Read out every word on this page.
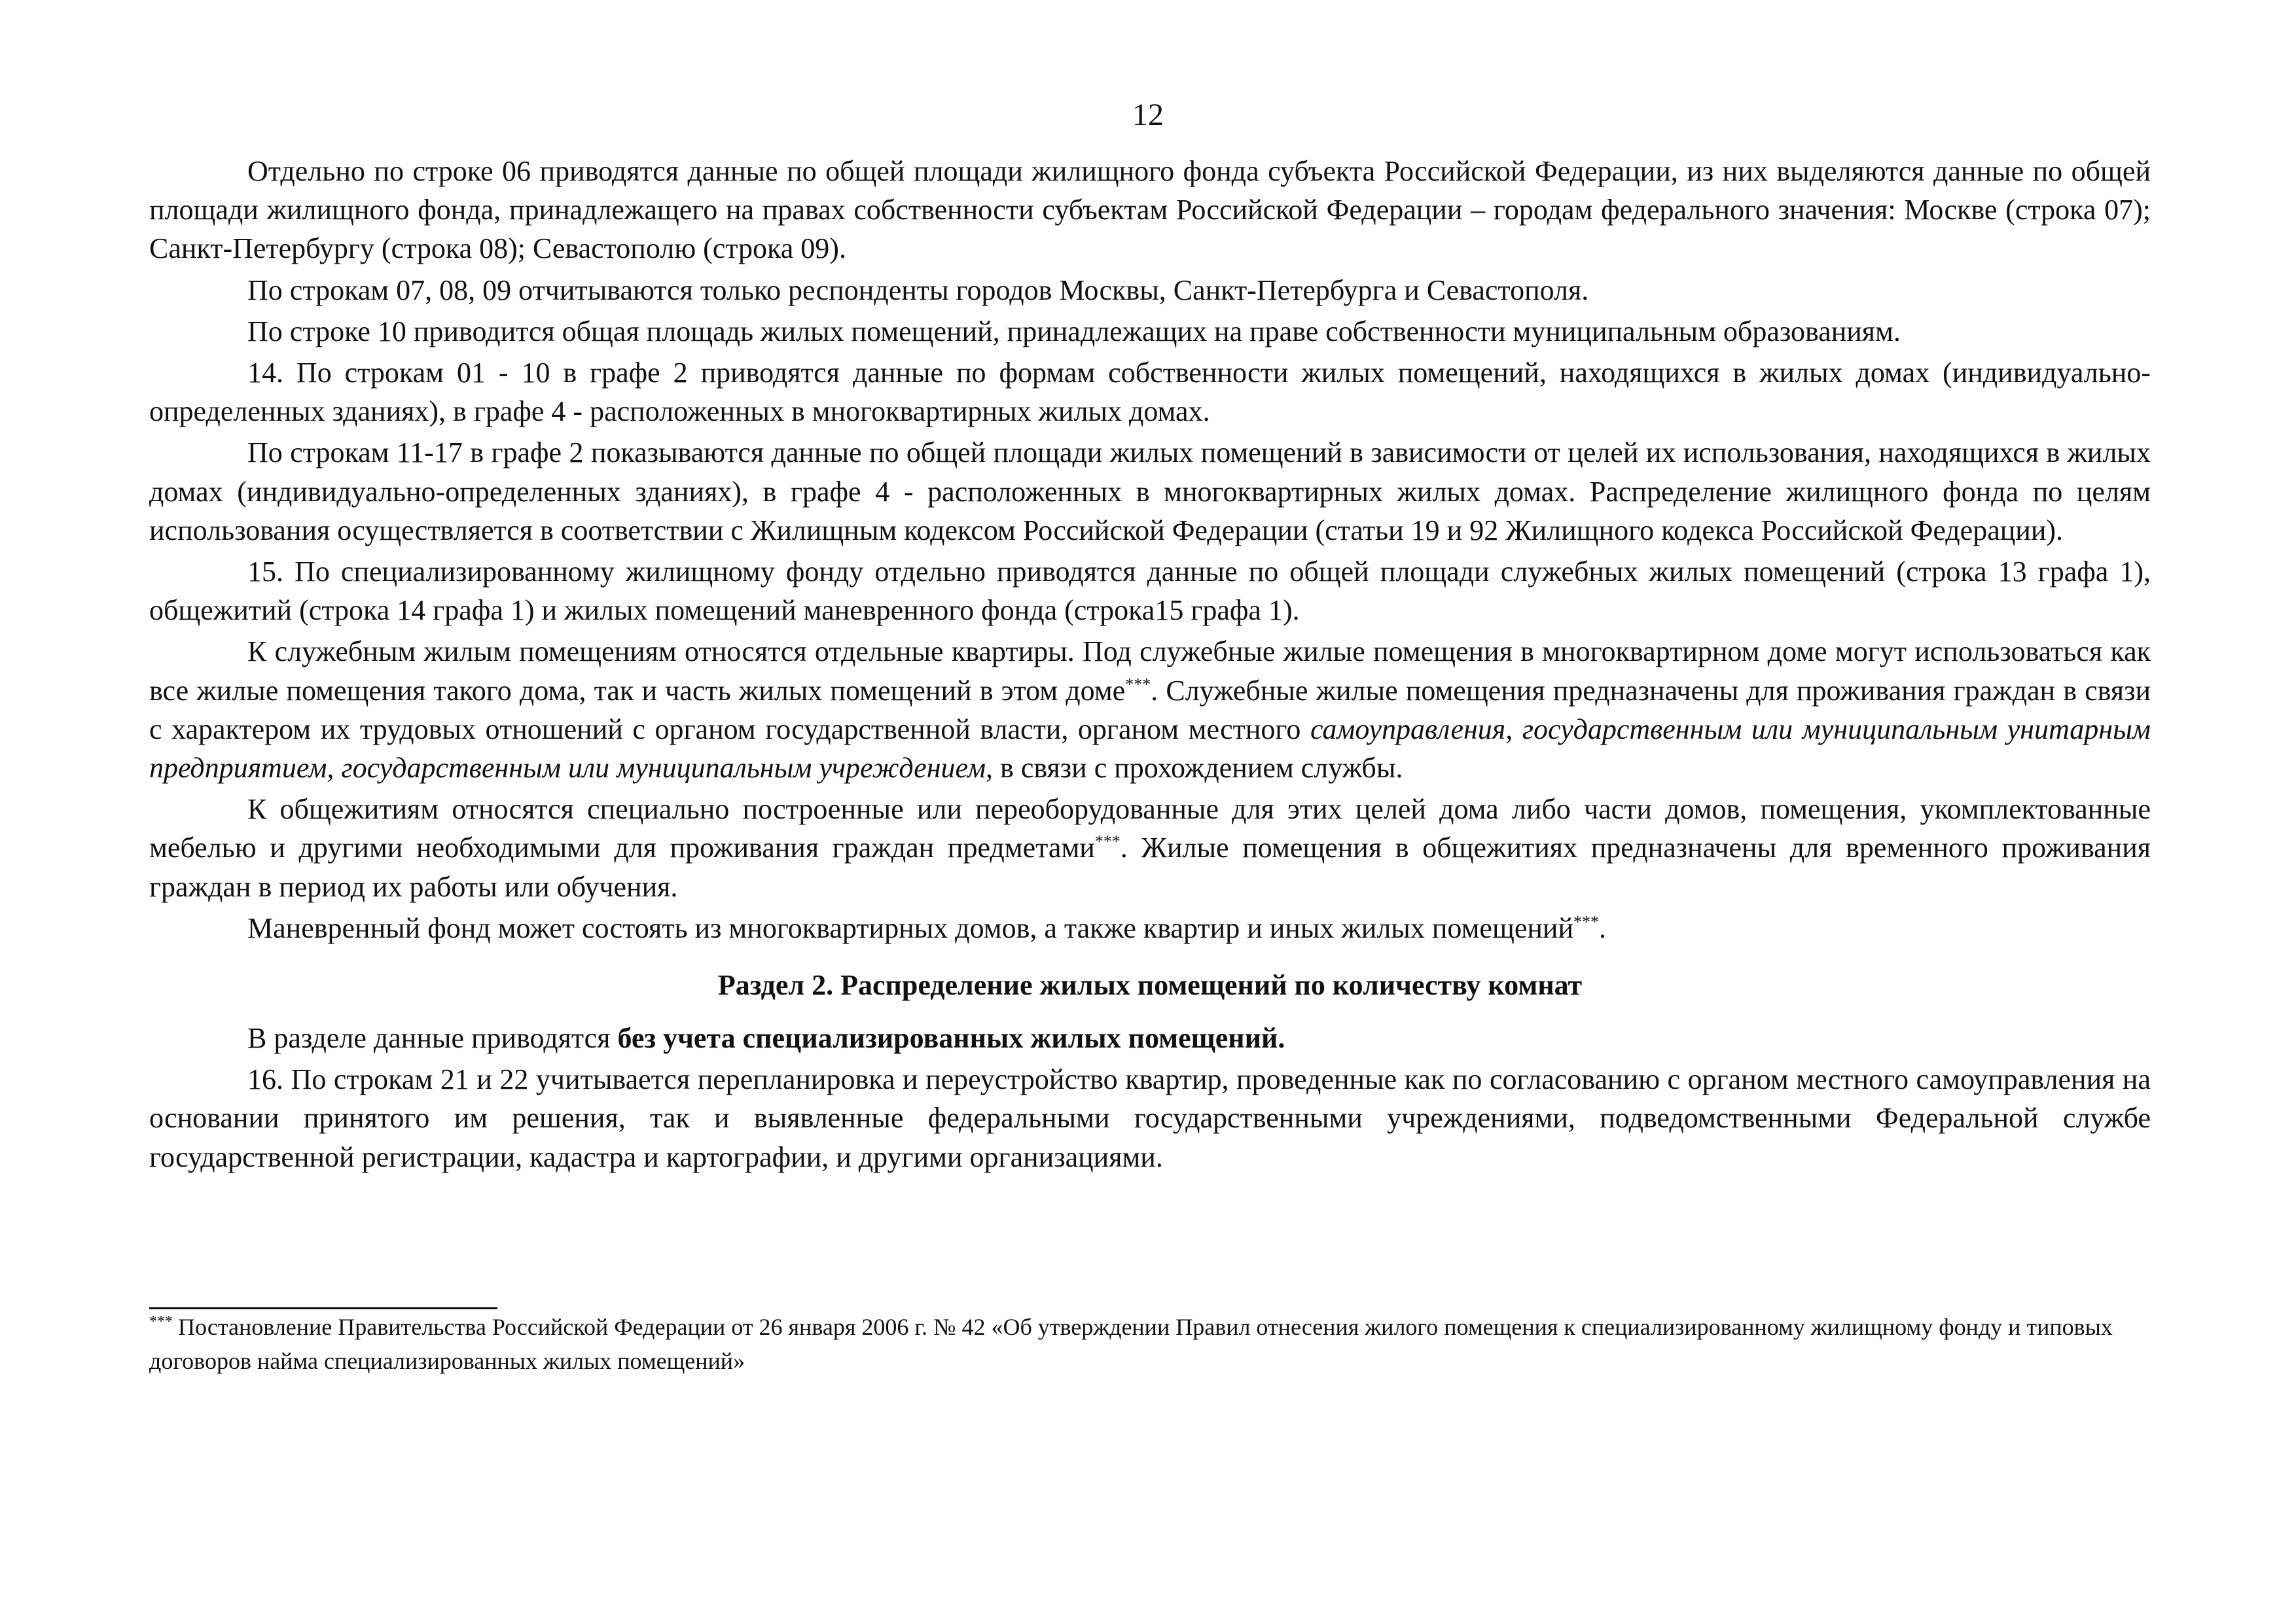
12

Отдельно по строке 06 приводятся данные по общей площади жилищного фонда субъекта Российской Федерации, из них выделяются данные по общей площади жилищного фонда, принадлежащего на правах собственности субъектам Российской Федерации – городам федерального значения: Москве (строка 07); Санкт-Петербургу (строка 08); Севастополю (строка 09).

По строкам 07, 08, 09 отчитываются только респонденты городов Москвы, Санкт-Петербурга и Севастополя.

По строке 10 приводится общая площадь жилых помещений, принадлежащих на праве собственности муниципальным образованиям.

14. По строкам 01 - 10 в графе 2 приводятся данные по формам собственности жилых помещений, находящихся в жилых домах (индивидуально-определенных зданиях), в графе 4 - расположенных в многоквартирных жилых домах.

По строкам 11-17 в графе 2 показываются данные по общей площади жилых помещений в зависимости от целей их использования, находящихся в жилых домах (индивидуально-определенных зданиях), в графе 4 - расположенных в многоквартирных жилых домах. Распределение жилищного фонда по целям использования осуществляется в соответствии с Жилищным кодексом Российской Федерации (статьи 19 и 92 Жилищного кодекса Российской Федерации).

15. По специализированному жилищному фонду отдельно приводятся данные по общей площади служебных жилых помещений (строка 13 графа 1), общежитий (строка 14 графа 1) и жилых помещений маневренного фонда (строка15 графа 1).

К служебным жилым помещениям относятся отдельные квартиры. Под служебные жилые помещения в многоквартирном доме могут использоваться как все жилые помещения такого дома, так и часть жилых помещений в этом доме***. Служебные жилые помещения предназначены для проживания граждан в связи с характером их трудовых отношений с органом государственной власти, органом местного самоуправления, государственным или муниципальным унитарным предприятием, государственным или муниципальным учреждением, в связи с прохождением службы.

К общежитиям относятся специально построенные или переоборудованные для этих целей дома либо части домов, помещения, укомплектованные мебелью и другими необходимыми для проживания граждан предметами***. Жилые помещения в общежитиях предназначены для временного проживания граждан в период их работы или обучения.

Маневренный фонд может состоять из многоквартирных домов, а также квартир и иных жилых помещений***.

Раздел 2. Распределение жилых помещений по количеству комнат

В разделе данные приводятся без учета специализированных жилых помещений.

16. По строкам 21 и 22 учитывается перепланировка и переустройство квартир, проведенные как по согласованию с органом местного самоуправления на основании принятого им решения, так и выявленные федеральными государственными учреждениями, подведомственными Федеральной службе государственной регистрации, кадастра и картографии, и другими организациями.

*** Постановление Правительства Российской Федерации от 26 января 2006 г. № 42 «Об утверждении Правил отнесения жилого помещения к специализированному жилищному фонду и типовых договоров найма специализированных жилых помещений»
